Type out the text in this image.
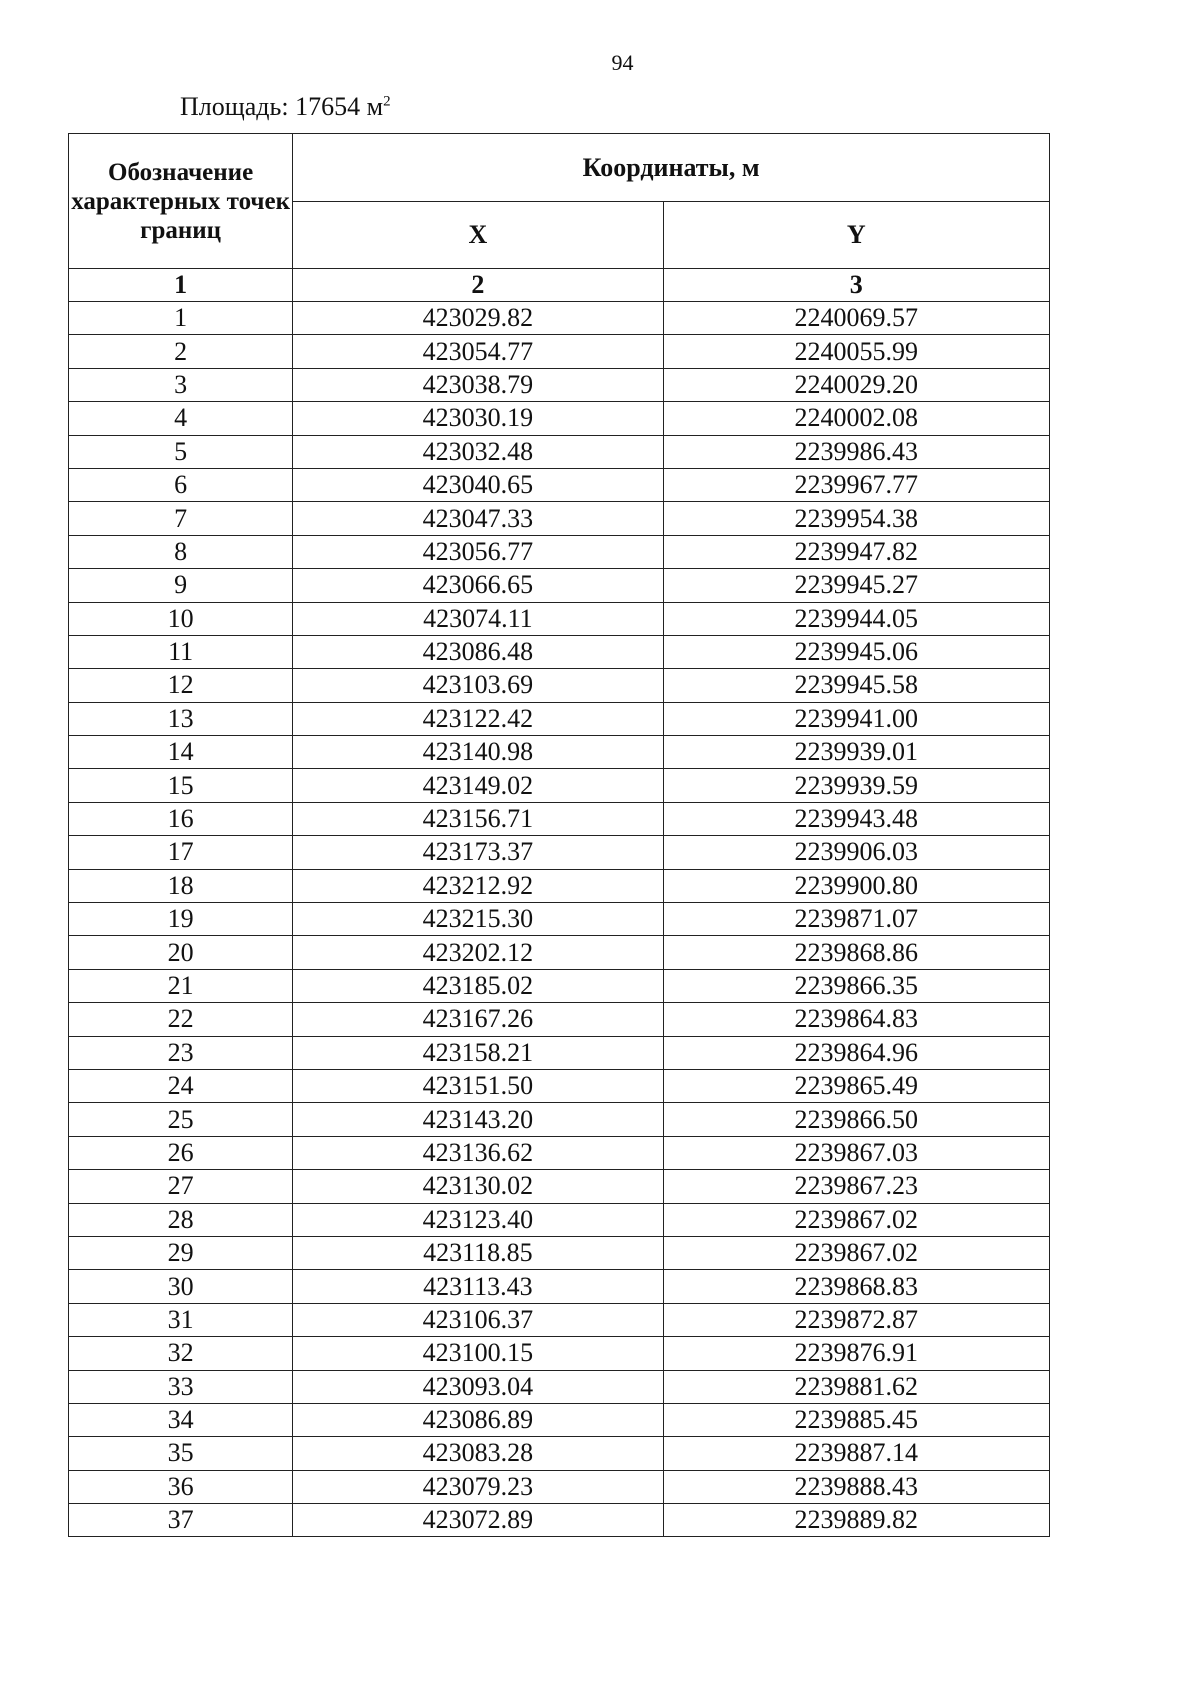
94
Площадь: 17654 $м^2$
Обозначение характерных точек границ	Координаты, м	
	X	Y
1	2	3
1	423029.82	2240069.57
2	423054.77	2240055.99
3	423038.79	2240029.20
4	423030.19	2240002.08
5	423032.48	2239986.43
6	423040.65	2239967.77
7	423047.33	2239954.38
8	423056.77	2239947.82
9	423066.65	2239945.27
10	423074.11	2239944.05
11	423086.48	2239945.06
12	423103.69	2239945.58
13	423122.42	2239941.00
14	423140.98	2239939.01
15	423149.02	2239939.59
16	423156.71	2239943.48
17	423173.37	2239906.03
18	423212.92	2239900.80
19	423215.30	2239871.07
20	423202.12	2239868.86
21	423185.02	2239866.35
22	423167.26	2239864.83
23	423158.21	2239864.96
24	423151.50	2239865.49
25	423143.20	2239866.50
26	423136.62	2239867.03
27	423130.02	2239867.23
28	423123.40	2239867.02
29	423118.85	2239867.02
30	423113.43	2239868.83
31	423106.37	2239872.87
32	423100.15	2239876.91
33	423093.04	2239881.62
34	423086.89	2239885.45
35	423083.28	2239887.14
36	423079.23	2239888.43
37	423072.89	2239889.82
